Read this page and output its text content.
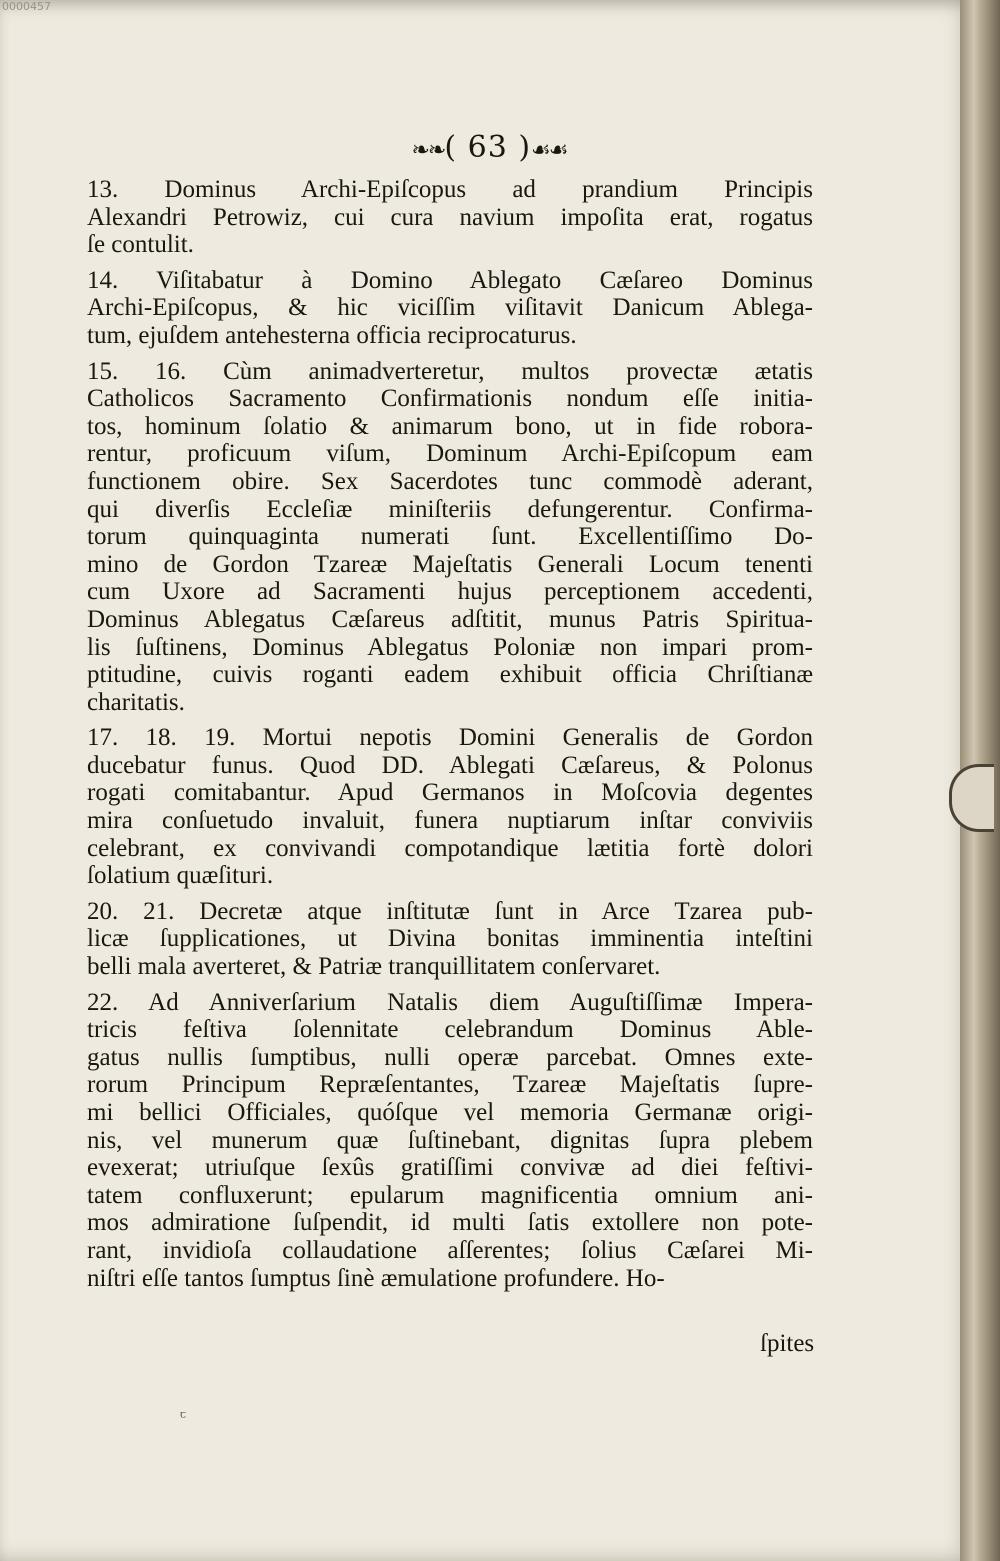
0000457
❧❧( 63 )☙☙
13. Dominus Archi-Epiſcopus ad prandium Principis
Alexandri Petrowiz, cui cura navium impoſita erat, rogatus
ſe contulit.
14. Viſitabatur à Domino Ablegato Cæſareo Dominus
Archi-Epiſcopus, & hic viciſſim viſitavit Danicum Ablega-
tum, ejuſdem antehesterna officia reciprocaturus.
15. 16. Cùm animadverteretur, multos provectæ ætatis
Catholicos Sacramento Confirmationis nondum eſſe initia-
tos, hominum ſolatio & animarum bono, ut in fide robora-
rentur, proficuum viſum, Dominum Archi-Epiſcopum eam
functionem obire. Sex Sacerdotes tunc commodè aderant,
qui diverſis Eccleſiæ miniſteriis defungerentur. Confirma-
torum quinquaginta numerati ſunt. Excellentiſſimo Do-
mino de Gordon Tzareæ Majeſtatis Generali Locum tenenti
cum Uxore ad Sacramenti hujus perceptionem accedenti,
Dominus Ablegatus Cæſareus adſtitit, munus Patris Spiritua-
lis ſuſtinens, Dominus Ablegatus Poloniæ non impari prom-
ptitudine, cuivis roganti eadem exhibuit officia Chriſtianæ
charitatis.
17. 18. 19. Mortui nepotis Domini Generalis de Gordon
ducebatur funus. Quod DD. Ablegati Cæſareus, & Polonus
rogati comitabantur. Apud Germanos in Moſcovia degentes
mira conſuetudo invaluit, funera nuptiarum inſtar conviviis
celebrant, ex convivandi compotandique lætitia fortè dolori
ſolatium quæſituri.
20. 21. Decretæ atque inſtitutæ ſunt in Arce Tzarea pub-
licæ ſupplicationes, ut Divina bonitas imminentia inteſtini
belli mala averteret, & Patriæ tranquillitatem conſervaret.
22. Ad Anniverſarium Natalis diem Auguſtiſſimæ Impera-
tricis feſtiva ſolennitate celebrandum Dominus Able-
gatus nullis ſumptibus, nulli operæ parcebat. Omnes exte-
rorum Principum Repræſentantes, Tzareæ Majeſtatis ſupre-
mi bellici Officiales, quóſque vel memoria Germanæ origi-
nis, vel munerum quæ ſuſtinebant, dignitas ſupra plebem
evexerat; utriuſque ſexûs gratiſſimi convivæ ad diei feſtivi-
tatem confluxerunt; epularum magnificentia omnium ani-
mos admiratione ſuſpendit, id multi ſatis extollere non pote-
rant, invidioſa collaudatione aſſerentes; ſolius Cæſarei Mi-
niſtri eſſe tantos ſumptus ſinè æmulatione profundere. Ho-
ſpites
ꞇ
